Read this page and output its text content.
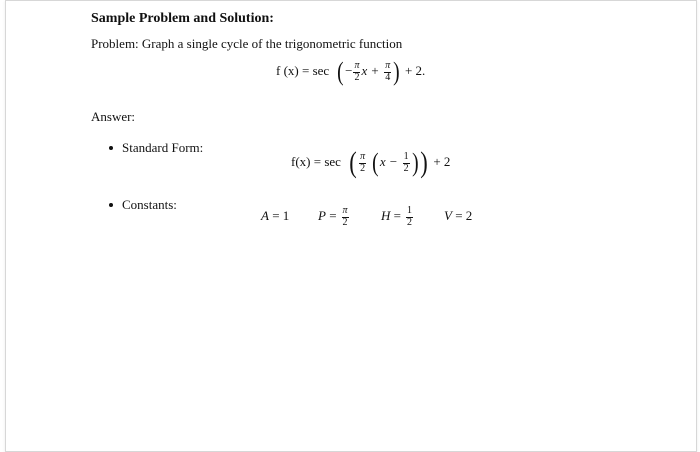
Sample Problem and Solution:
Problem: Graph a single cycle of the trigonometric function
f (x) = sec (− $\frac{\pi}{2}$ $x + \frac{\pi}{4}$ ) + 2.
Answer:
Standard Form:
f(x) = sec ( $\frac{\pi}{2} (x - \frac{1}{2}$ )) + 2
Constants:
A = 1 $P = \frac{\pi}{2}$ $H = \frac{1}{2}$ V = 2
